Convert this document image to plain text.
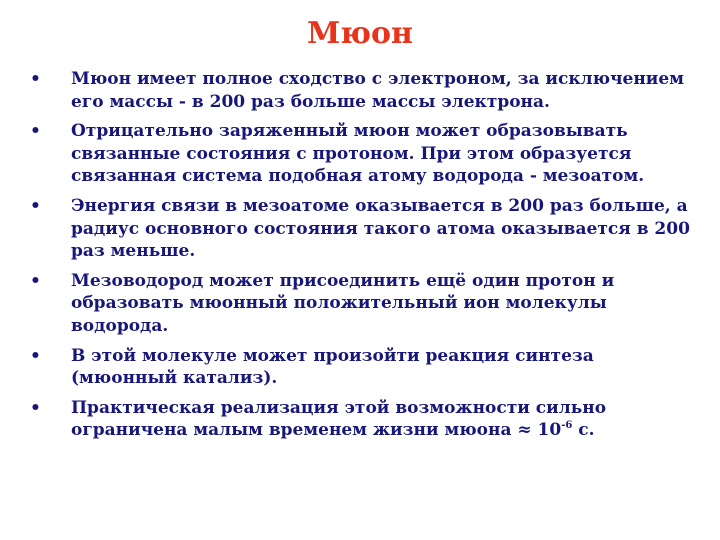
Мюон
•	Мюон имеет полное сходство с электроном, за исключением его массы - в 200 раз больше массы электрона.
•	Отрицательно заряженный мюон может образовывать связанные состояния с протоном. При этом образуется связанная система подобная атому водорода - мезоатом.
•	Энергия связи в мезоатоме оказывается в 200 раз больше, а радиус основного состояния такого атома оказывается в 200 раз меньше.
•	Мезоводород может присоединить ещё один протон и образовать мюонный положительный ион молекулы водорода.
•	В этой молекуле может произойти реакция синтеза (мюонный катализ).
•	Практическая реализация этой возможности сильно ограничена малым временем жизни мюона ≈ $10^{-6}$ с.
